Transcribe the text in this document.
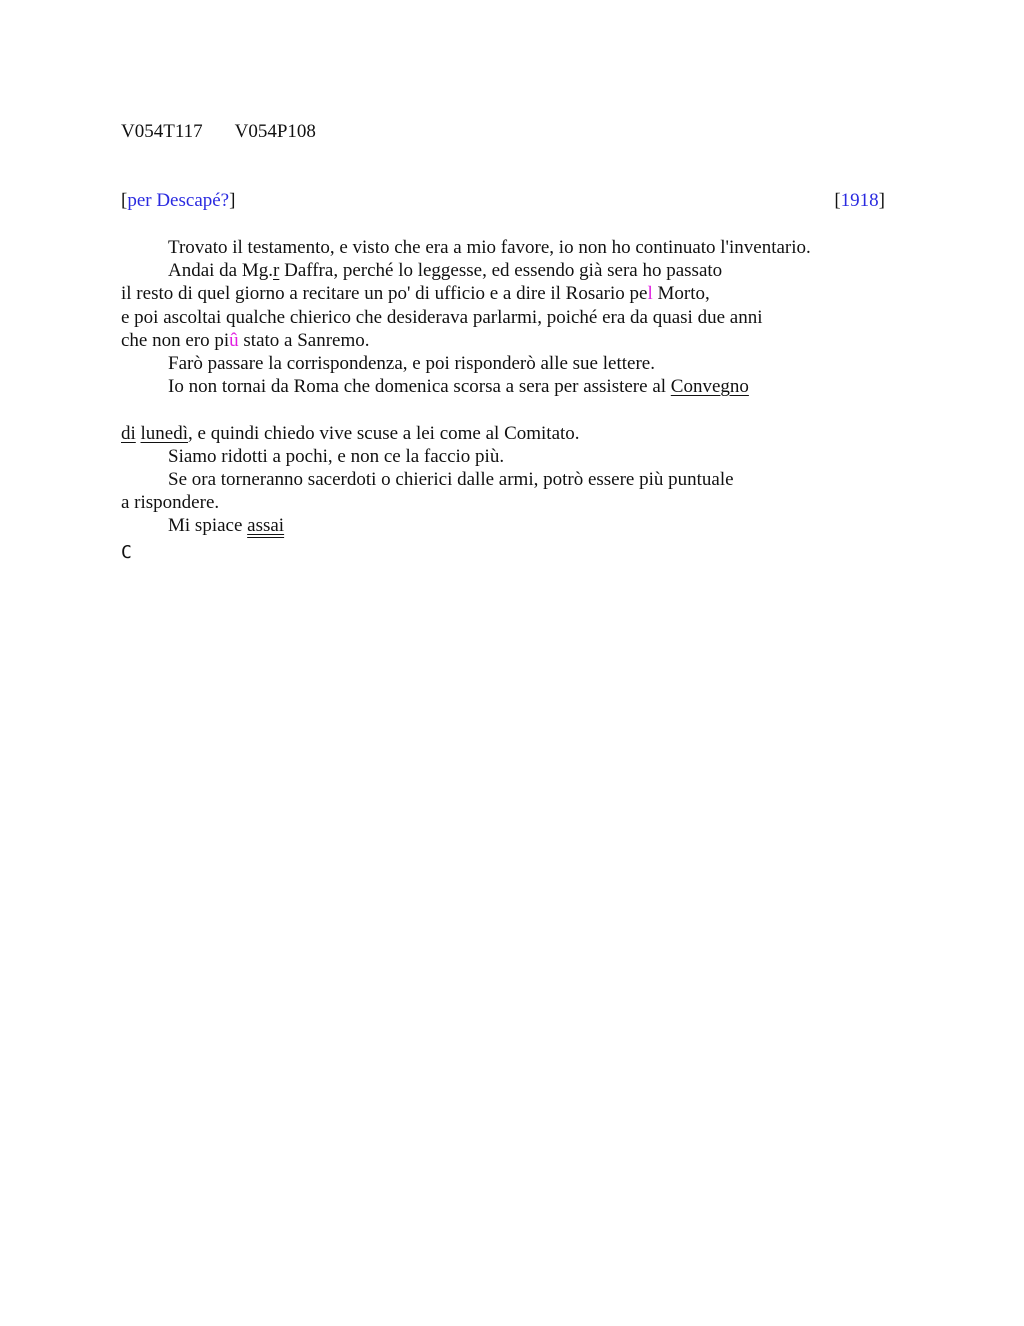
V054T117 V054P108
[per Descapé?]	[1918]
Trovato il testamento, e visto che era a mio favore, io non ho continuato l'inventario.
Andai da Mg.r Daffra, perché lo leggesse, ed essendo già sera ho passato
il resto di quel giorno a recitare un po' di ufficio e a dire il Rosario pel Morto,
e poi ascoltai qualche chierico che desiderava parlarmi, poiché era da quasi due anni
che non ero piû stato a Sanremo.
Farò passare la corrispondenza, e poi risponderò alle sue lettere.
Io non tornai da Roma che domenica scorsa a sera per assistere al Convegno
di lunedì, e quindi chiedo vive scuse a lei come al Comitato.
Siamo ridotti a pochi, e non ce la faccio più.
Se ora torneranno sacerdoti o chierici dalle armi, potrò essere più puntuale
a rispondere.
Mi spiace assai
C
